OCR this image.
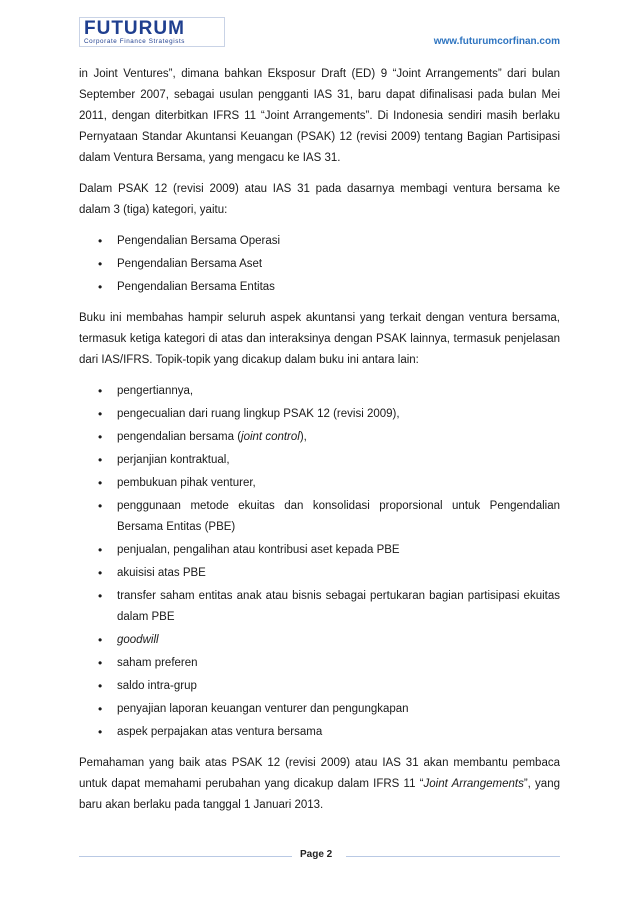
FUTURUM
Corporate Finance Strategists	www.futurumcorfinan.com

in Joint Ventures”, dimana bahkan Eksposur Draft (ED) 9 “Joint Arrangements” dari bulan September 2007, sebagai usulan pengganti IAS 31, baru dapat difinalisasi pada bulan Mei 2011, dengan diterbitkan IFRS 11 “Joint Arrangements”. Di Indonesia sendiri masih berlaku Pernyataan Standar Akuntansi Keuangan (PSAK) 12 (revisi 2009) tentang Bagian Partisipasi dalam Ventura Bersama, yang mengacu ke IAS 31.

Dalam PSAK 12 (revisi 2009) atau IAS 31 pada dasarnya membagi ventura bersama ke dalam 3 (tiga) kategori, yaitu:

• Pengendalian Bersama Operasi
• Pengendalian Bersama Aset
• Pengendalian Bersama Entitas

Buku ini membahas hampir seluruh aspek akuntansi yang terkait dengan ventura bersama, termasuk ketiga kategori di atas dan interaksinya dengan PSAK lainnya, termasuk penjelasan dari IAS/IFRS. Topik-topik yang dicakup dalam buku ini antara lain:

• pengertiannya,
• pengecualian dari ruang lingkup PSAK 12 (revisi 2009),
• pengendalian bersama (joint control),
• perjanjian kontraktual,
• pembukuan pihak venturer,
• penggunaan metode ekuitas dan konsolidasi proporsional untuk Pengendalian Bersama Entitas (PBE)
• penjualan, pengalihan atau kontribusi aset kepada PBE
• akuisisi atas PBE
• transfer saham entitas anak atau bisnis sebagai pertukaran bagian partisipasi ekuitas dalam PBE
• goodwill
• saham preferen
• saldo intra-grup
• penyajian laporan keuangan venturer dan pengungkapan
• aspek perpajakan atas ventura bersama

Pemahaman yang baik atas PSAK 12 (revisi 2009) atau IAS 31 akan membantu pembaca untuk dapat memahami perubahan yang dicakup dalam IFRS 11 “Joint Arrangements”, yang baru akan berlaku pada tanggal 1 Januari 2013.

Page 2
